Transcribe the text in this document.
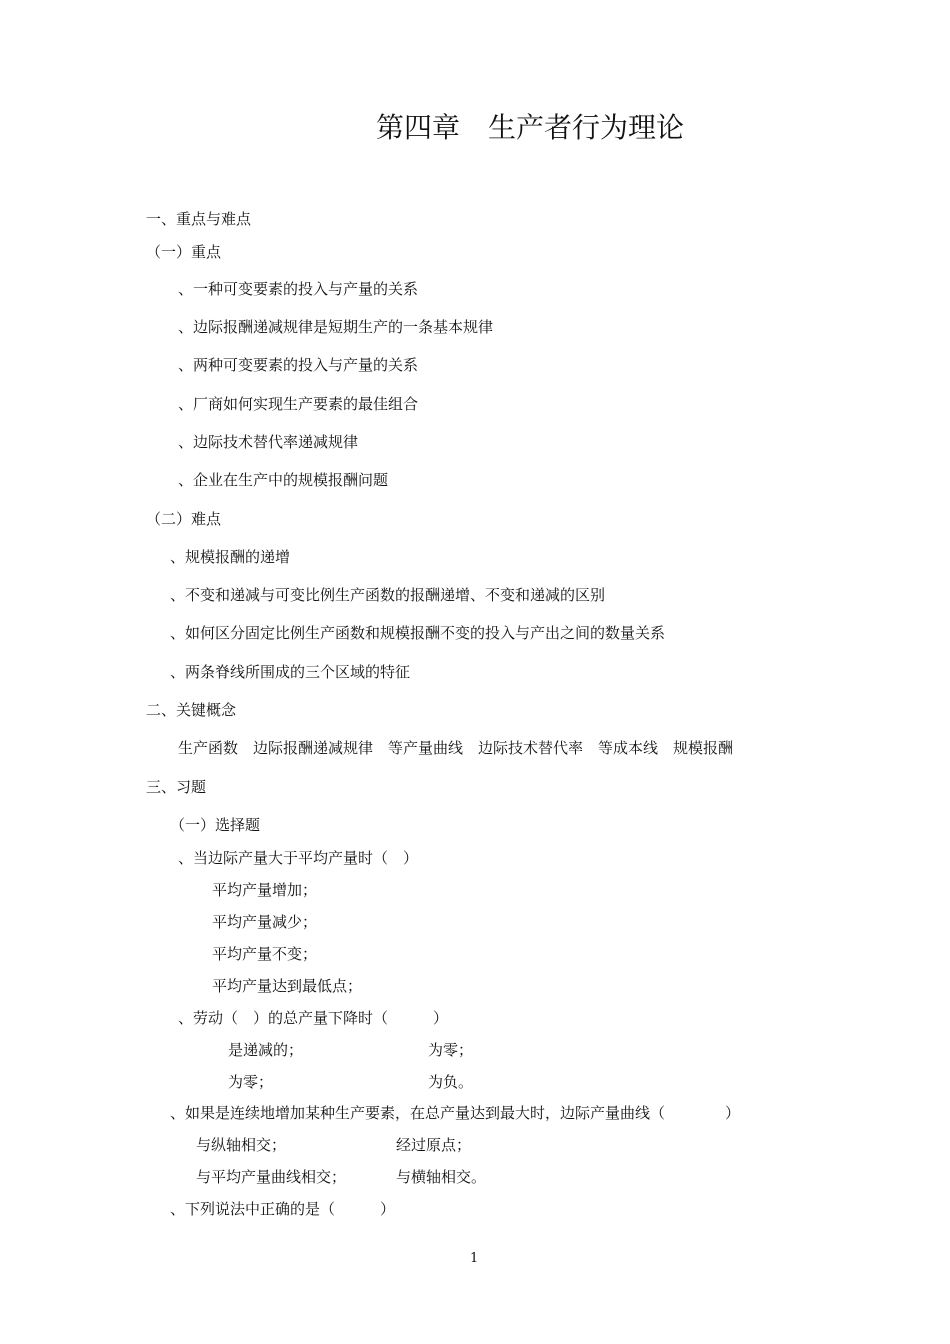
第四章　生产者行为理论
一、重点与难点
（一）重点
、一种可变要素的投入与产量的关系
、边际报酬递减规律是短期生产的一条基本规律
、两种可变要素的投入与产量的关系
、厂商如何实现生产要素的最佳组合
、边际技术替代率递减规律
、企业在生产中的规模报酬问题
（二）难点
、规模报酬的递增
、不变和递减与可变比例生产函数的报酬递增、不变和递减的区别
、如何区分固定比例生产函数和规模报酬不变的投入与产出之间的数量关系
、两条脊线所围成的三个区域的特征
二、关键概念
生产函数　边际报酬递减规律　等产量曲线　边际技术替代率　等成本线　规模报酬
三、习题
（一）选择题
、当边际产量大于平均产量时（　）
平均产量增加；
平均产量减少；
平均产量不变；
平均产量达到最低点；
、劳动（　）的总产量下降时（　　　）
是递减的；	为零；
为零；	为负。
、如果是连续地增加某种生产要素，在总产量达到最大时，边际产量曲线（　　　　）
与纵轴相交；	经过原点；
与平均产量曲线相交；	与横轴相交。
、下列说法中正确的是（　　　）
1
